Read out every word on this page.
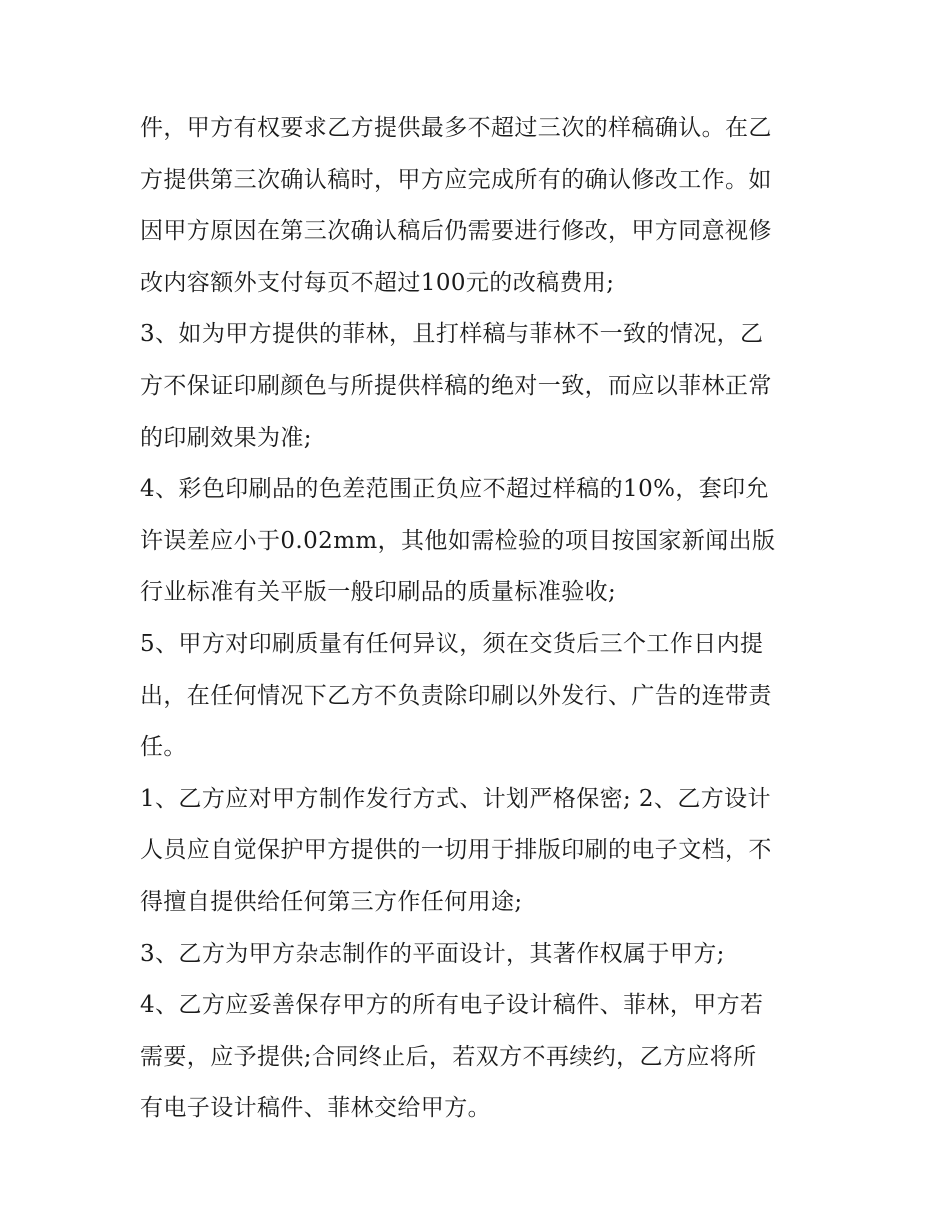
件，甲方有权要求乙方提供最多不超过三次的样稿确认。在乙
方提供第三次确认稿时，甲方应完成所有的确认修改工作。如
因甲方原因在第三次确认稿后仍需要进行修改，甲方同意视修
改内容额外支付每页不超过100元的改稿费用;
3、如为甲方提供的菲林，且打样稿与菲林不一致的情况，乙
方不保证印刷颜色与所提供样稿的绝对一致，而应以菲林正常
的印刷效果为准;
4、彩色印刷品的色差范围正负应不超过样稿的10%，套印允
许误差应小于0.02mm，其他如需检验的项目按国家新闻出版
行业标准有关平版一般印刷品的质量标准验收;
5、甲方对印刷质量有任何异议，须在交货后三个工作日内提
出，在任何情况下乙方不负责除印刷以外发行、广告的连带责
任。
1、乙方应对甲方制作发行方式、计划严格保密; 2、乙方设计
人员应自觉保护甲方提供的一切用于排版印刷的电子文档，不
得擅自提供给任何第三方作任何用途;
3、乙方为甲方杂志制作的平面设计，其著作权属于甲方;
4、乙方应妥善保存甲方的所有电子设计稿件、菲林，甲方若
需要，应予提供;合同终止后，若双方不再续约，乙方应将所
有电子设计稿件、菲林交给甲方。
